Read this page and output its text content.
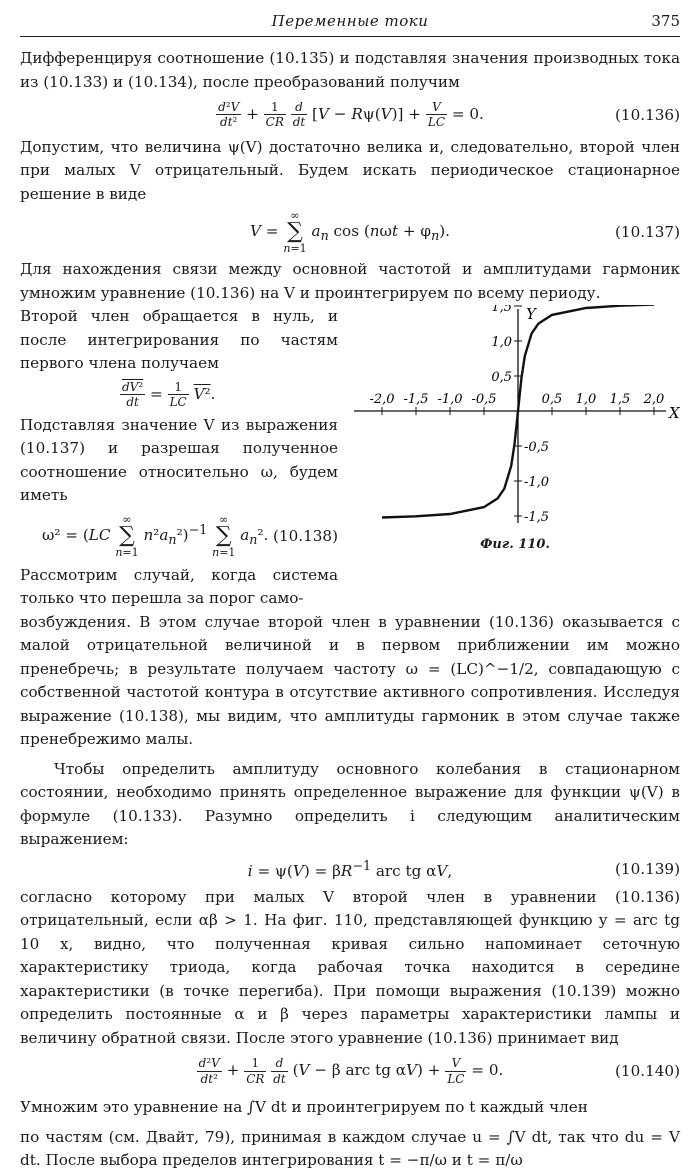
Переменные токи	375

Дифференцируя соотношение (10.135) и подставляя значения производных тока из (10.133) и (10.134), после преобразований получим

$\frac{\text{d²V}}{\text{dt²}} + \frac{1}{CR}$
$\frac{d}{dt} [V - R\psi(V)] + \frac{V}{LC} = 0$.	(10.136)

Допустим, что величина ψ(V) достаточно велика и, следовательно, второй член при малых V отрицательный. Будем искать периодическое стационарное решение в виде

V = ∞
∑
n=1 $a_n$ $\cos (n\omega t + \varphi_n)$.	(10.137)

Для нахождения связи между основной частотой и амплитудами гармоник умножим уравнение (10.136) на V и проинтегрируем по всему периоду.

X
Y
-2,0 -1,5 -1,0 -0,5	0,5 1,0 1,5 2,0
1,5
1,0
0,5
-0,5
-1,0
-1,5
Фиг. 110.

Второй член обращается в нуль, и после интегрирования по частям первого члена получаем

$\frac{\text{dV²}}{dt} = \frac{1}{LC} V^2$.

Подставляя значение V из выражения (10.137) и разрешая полученное соотношение относительно ω, будем иметь

ω² = (LC ∞
∑
n=1 $n^2a_n^2)^{-1}$ ∞
∑
n=1 $a_n^2$. (10.138)

Рассмотрим случай, когда система только что перешла за порог само-

возбуждения. В этом случае второй член в уравнении (10.136) оказывается с малой отрицательной величиной и в первом приближении им можно пренебречь; в результате получаем частоту ω = (LC)^−1/2, совпадающую с собственной частотой контура в отсутствие активного сопротивления. Исследуя выражение (10.138), мы видим, что амплитуды гармоник в этом случае также пренебрежимо малы.

Чтобы определить амплитуду основного колебания в стационарном состоянии, необходимо принять определенное выражение для функции ψ(V) в формуле (10.133). Разумно определить i следующим аналитическим выражением:

$i = \psi(V) = \beta R^{-1}$ arc tg αV,	(10.139)

согласно которому при малых V второй член в уравнении (10.136) отрицательный, если αβ > 1. На фиг. 110, представляющей функцию y = arc tg 10 x, видно, что полученная кривая сильно напоминает сеточную характеристику триода, когда рабочая точка находится в середине характеристики (в точке перегиба). При помощи выражения (10.139) можно определить постоянные α и β через параметры характеристики лампы и величину обратной связи. После этого уравнение (10.136) принимает вид

$\frac{\text{d²V}}{\text{dt²}} + \frac{1}{CR}$
$\frac{d}{dt} (V - \beta$ arc tg $\alpha V) + \frac{V}{LC} = 0$.	(10.140)

Умножим это уравнение на ∫V dt и проинтегрируем по t каждый член

по частям (см. Двайт, 79), принимая в каждом случае u = ∫V dt, так что du = V dt. После выбора пределов интегрирования t = −π/ω и t = π/ω
